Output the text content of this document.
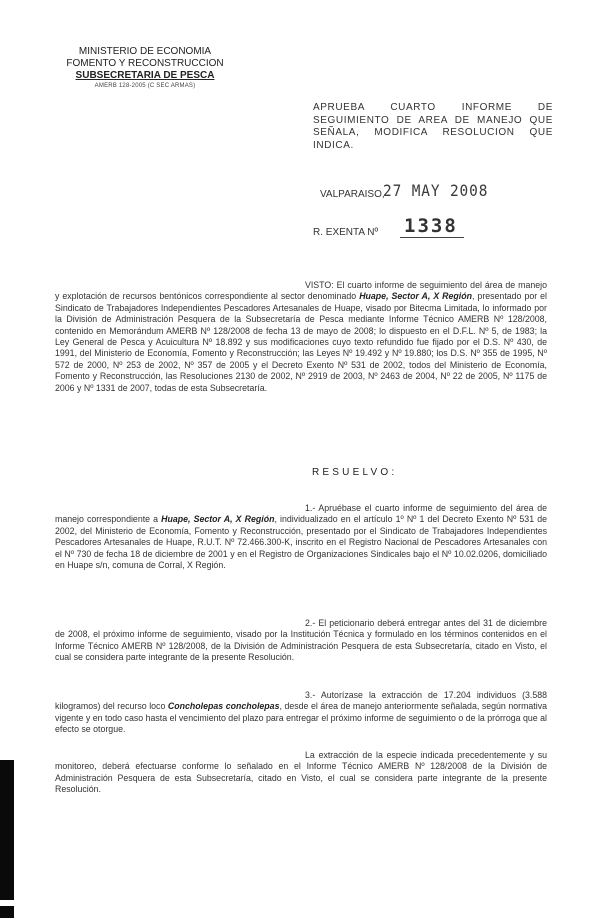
MINISTERIO DE ECONOMIA
FOMENTO Y RECONSTRUCCION
SUBSECRETARIA DE PESCA
AMERB 128-2005 (C SEC ARMAS)
APRUEBA CUARTO INFORME DE SEGUIMIENTO DE AREA DE MANEJO QUE SEÑALA, MODIFICA RESOLUCION QUE INDICA.
VALPARAISO,
27 MAY 2008
R. EXENTA Nº 1338
VISTO: El cuarto informe de seguimiento del área de manejo y explotación de recursos bentónicos correspondiente al sector denominado Huape, Sector A, X Región, presentado por el Sindicato de Trabajadores Independientes Pescadores Artesanales de Huape, visado por Bitecma Limitada, lo informado por la División de Administración Pesquera de la Subsecretaría de Pesca mediante Informe Técnico AMERB Nº 128/2008, contenido en Memorándum AMERB Nº 128/2008 de fecha 13 de mayo de 2008; lo dispuesto en el D.F.L. Nº 5, de 1983; la Ley General de Pesca y Acuicultura Nº 18.892 y sus modificaciones cuyo texto refundido fue fijado por el D.S. Nº 430, de 1991, del Ministerio de Economía, Fomento y Reconstrucción; las Leyes Nº 19.492 y Nº 19.880; los D.S. Nº 355 de 1995, Nº 572 de 2000, Nº 253 de 2002, Nº 357 de 2005 y el Decreto Exento Nº 531 de 2002, todos del Ministerio de Economía, Fomento y Reconstrucción, las Resoluciones 2130 de 2002, Nº 2919 de 2003, Nº 2463 de 2004, Nº 22 de 2005, Nº 1175 de 2006 y Nº 1331 de 2007, todas de esta Subsecretaría.
RESUELVO:
1.- Apruébase el cuarto informe de seguimiento del área de manejo correspondiente a Huape, Sector A, X Región, individualizado en el artículo 1º Nº 1 del Decreto Exento Nº 531 de 2002, del Ministerio de Economía, Fomento y Reconstrucción, presentado por el Sindicato de Trabajadores Independientes Pescadores Artesanales de Huape, R.U.T. Nº 72.466.300-K, inscrito en el Registro Nacional de Pescadores Artesanales con el Nº 730 de fecha 18 de diciembre de 2001 y en el Registro de Organizaciones Sindicales bajo el Nº 10.02.0206, domiciliado en Huape s/n, comuna de Corral, X Región.
2.- El peticionario deberá entregar antes del 31 de diciembre de 2008, el próximo informe de seguimiento, visado por la Institución Técnica y formulado en los términos contenidos en el Informe Técnico AMERB Nº 128/2008, de la División de Administración Pesquera de esta Subsecretaría, citado en Visto, el cual se considera parte integrante de la presente Resolución.
3.- Autorízase la extracción de 17.204 individuos (3.588 kilogramos) del recurso loco Concholepas concholepas, desde el área de manejo anteriormente señalada, según normativa vigente y en todo caso hasta el vencimiento del plazo para entregar el próximo informe de seguimiento o de la prórroga que al efecto se otorgue.
La extracción de la especie indicada precedentemente y su monitoreo, deberá efectuarse conforme lo señalado en el Informe Técnico AMERB Nº 128/2008 de la División de Administración Pesquera de esta Subsecretaría, citado en Visto, el cual se considera parte integrante de la presente Resolución.
